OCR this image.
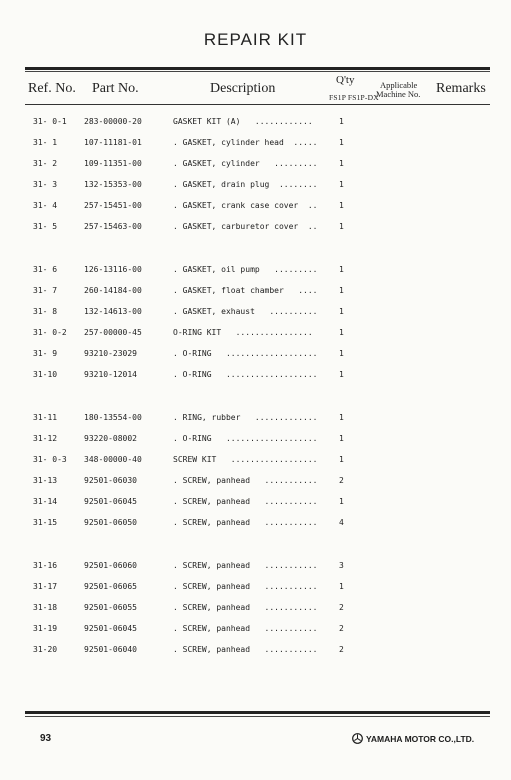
REPAIR KIT
Ref. No. Part No.	Description
Q'ty
FS1P FS1P-DX
Applicable
Machine No. Remarks
31- 0-1 283-00000-20	GASKET KIT (A)   ............	1
31- 1	107-11181-01	. GASKET, cylinder head  .....	1
31- 2	109-11351-00	. GASKET, cylinder   .........	1
31- 3	132-15353-00	. GASKET, drain plug  ........	1
31- 4	257-15451-00	. GASKET, crank case cover  ..	1
31- 5	257-15463-00	. GASKET, carburetor cover  ..	1
31- 6	126-13116-00	. GASKET, oil pump   .........	1
31- 7	260-14184-00	. GASKET, float chamber   ....	1
31- 8	132-14613-00	. GASKET, exhaust   ..........	1
31- 0-2 257-00000-45	O-RING KIT   ................	1
31- 9	93210-23029	. O-RING   ...................	1
31-10	93210-12014	. O-RING   ...................	1
31-11	180-13554-00	. RING, rubber   .............	1
31-12	93220-08002	. O-RING   ...................	1
31- 0-3 348-00000-40	SCREW KIT   ..................	1
31-13	92501-06030	. SCREW, panhead   ...........	2
31-14	92501-06045	. SCREW, panhead   ...........	1
31-15	92501-06050	. SCREW, panhead   ...........	4
31-16	92501-06060	. SCREW, panhead   ...........	3
31-17	92501-06065	. SCREW, panhead   ...........	1
31-18	92501-06055	. SCREW, panhead   ...........	2
31-19	92501-06045	. SCREW, panhead   ...........	2
31-20	92501-06040	. SCREW, panhead   ...........	2
93	YAMAHA MOTOR CO.,LTD.
